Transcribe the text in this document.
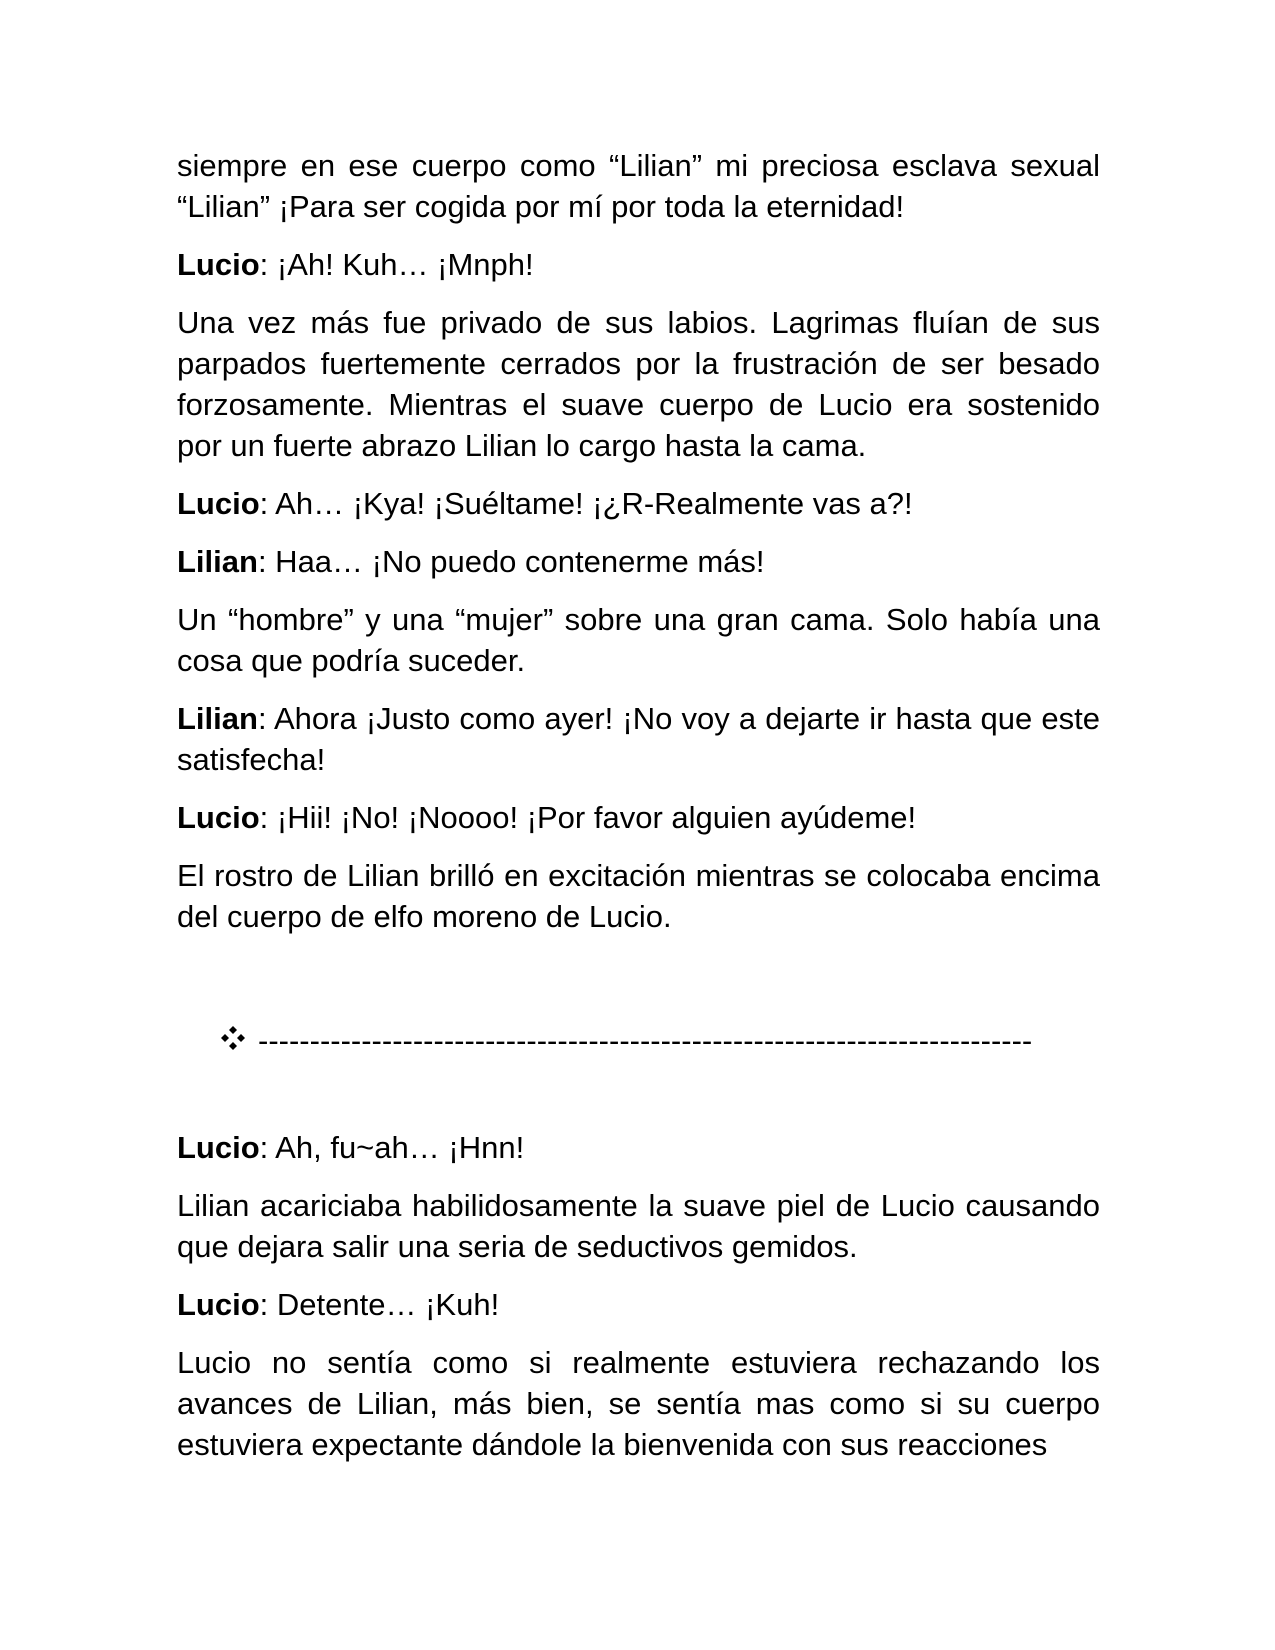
siempre en ese cuerpo como “Lilian” mi preciosa esclava sexual “Lilian” ¡Para ser cogida por mí por toda la eternidad!

Lucio: ¡Ah! Kuh… ¡Mnph!

Una vez más fue privado de sus labios. Lagrimas fluían de sus parpados fuertemente cerrados por la frustración de ser besado forzosamente. Mientras el suave cuerpo de Lucio era sostenido por un fuerte abrazo Lilian lo cargo hasta la cama.

Lucio: Ah… ¡Kya! ¡Suéltame! ¡¿R-Realmente vas a?!

Lilian: Haa… ¡No puedo contenerme más!

Un “hombre” y una “mujer” sobre una gran cama. Solo había una cosa que podría suceder.

Lilian: Ahora ¡Justo como ayer! ¡No voy a dejarte ir hasta que este satisfecha!

Lucio: ¡Hii! ¡No! ¡Noooo! ¡Por favor alguien ayúdeme!

El rostro de Lilian brilló en excitación mientras se colocaba encima del cuerpo de elfo moreno de Lucio.

---------------------------------------------------------------------------

Lucio: Ah, fu~ah… ¡Hnn!

Lilian acariciaba habilidosamente la suave piel de Lucio causando que dejara salir una seria de seductivos gemidos.

Lucio: Detente… ¡Kuh!

Lucio no sentía como si realmente estuviera rechazando los avances de Lilian, más bien, se sentía mas como si su cuerpo estuviera expectante dándole la bienvenida con sus reacciones
